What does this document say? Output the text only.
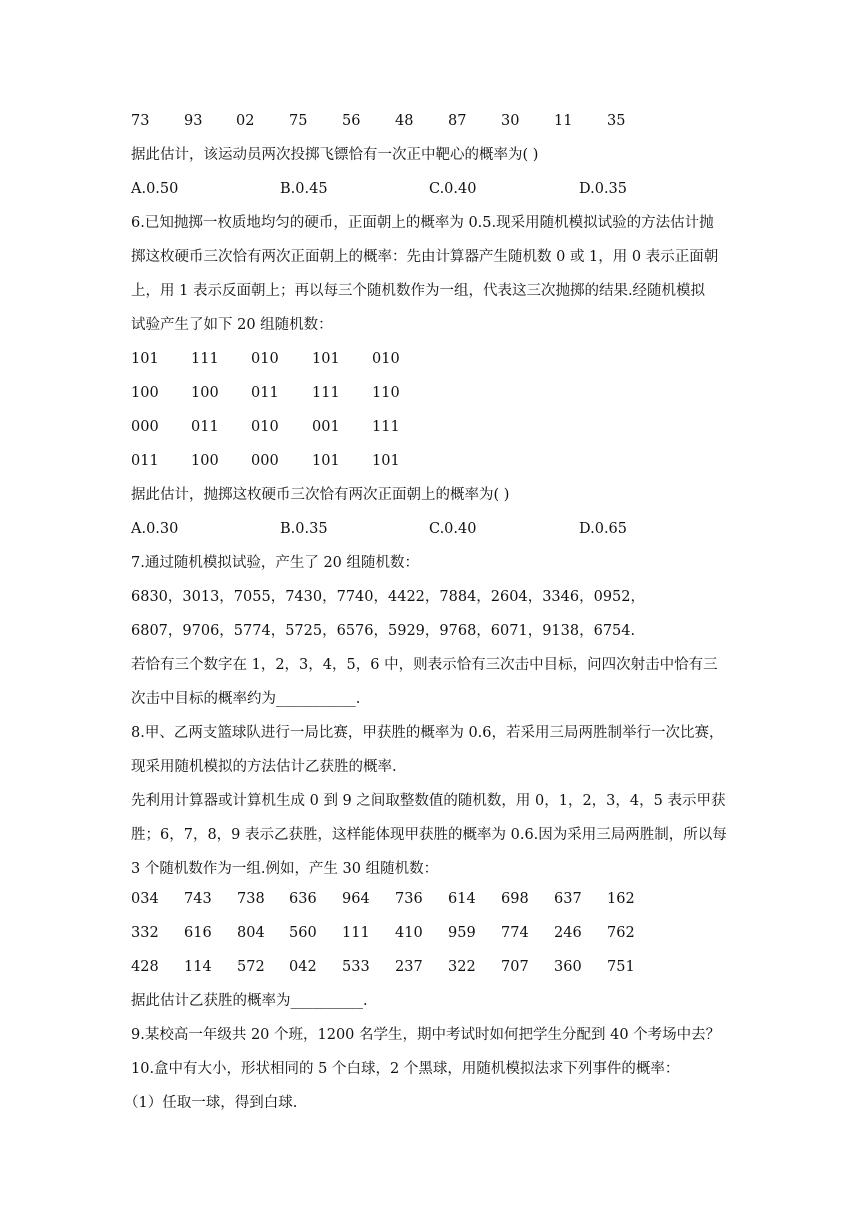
73 93 02 75 56 48 87 30 11 35
据此估计，该运动员两次投掷飞镖恰有一次正中靶心的概率为( )
A.0.50	B.0.45	C.0.40	D.0.35
6.已知抛掷一枚质地均匀的硬币，正面朝上的概率为 0.5.现采用随机模拟试验的方法估计抛
掷这枚硬币三次恰有两次正面朝上的概率：先由计算器产生随机数 0 或 1，用 0 表示正面朝
上，用 1 表示反面朝上；再以每三个随机数作为一组，代表这三次抛掷的结果.经随机模拟
试验产生了如下 20 组随机数：
101 111 010 101 010
100 100 011 111 110
000 011 010 001 111
011 100 000 101 101
据此估计，抛掷这枚硬币三次恰有两次正面朝上的概率为( )
A.0.30	B.0.35	C.0.40	D.0.65
7.通过随机模拟试验，产生了 20 组随机数：
6830，3013，7055，7430，7740，4422，7884，2604，3346，0952，
6807，9706，5774，5725，6576，5929，9768，6071，9138，6754.
若恰有三个数字在 1，2，3，4，5，6 中，则表示恰有三次击中目标，问四次射击中恰有三
次击中目标的概率约为___________.
8.甲、乙两支篮球队进行一局比赛，甲获胜的概率为 0.6，若采用三局两胜制举行一次比赛，
现采用随机模拟的方法估计乙获胜的概率.
先利用计算器或计算机生成 0 到 9 之间取整数值的随机数，用 0，1，2，3，4，5 表示甲获
胜；6，7，8，9 表示乙获胜，这样能体现甲获胜的概率为 0.6.因为采用三局两胜制，所以每
3 个随机数作为一组.例如，产生 30 组随机数：
034 743 738 636 964 736 614 698 637 162
332 616 804 560 111 410 959 774 246 762
428 114 572 042 533 237 322 707 360 751
据此估计乙获胜的概率为__________.
9.某校高一年级共 20 个班，1200 名学生，期中考试时如何把学生分配到 40 个考场中去？
10.盒中有大小，形状相同的 5 个白球，2 个黑球，用随机模拟法求下列事件的概率：
（1）任取一球，得到白球.
